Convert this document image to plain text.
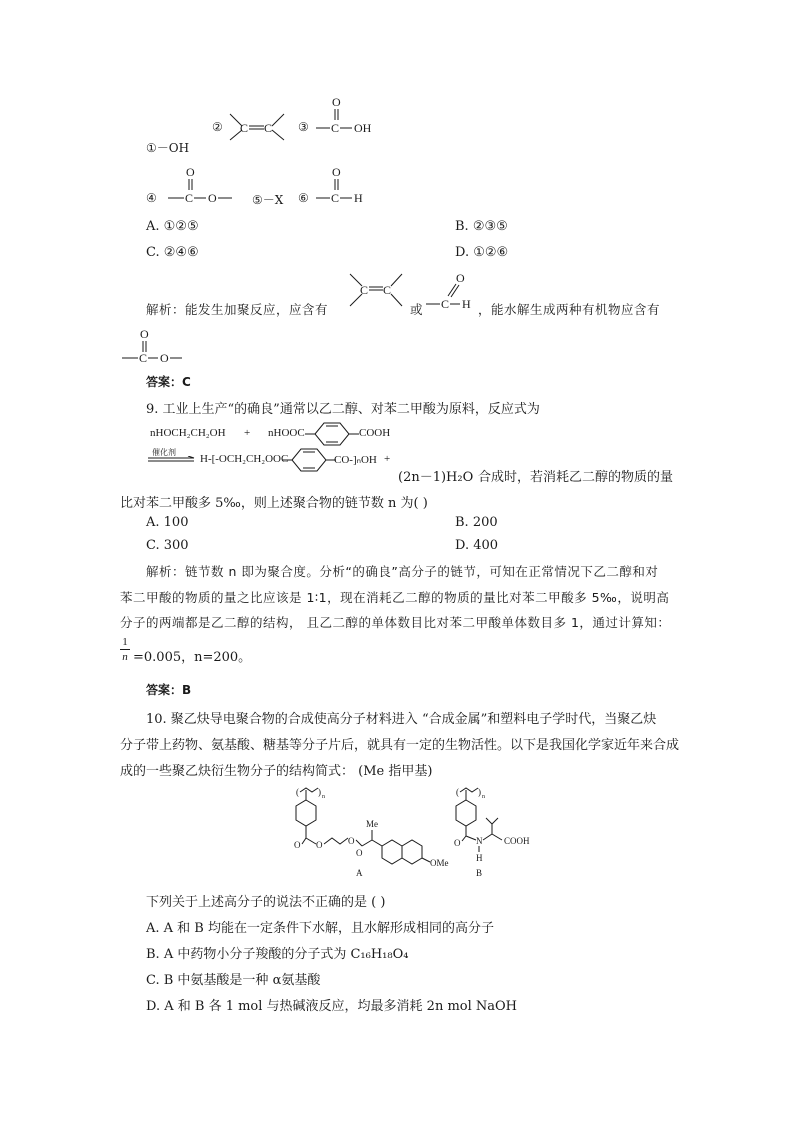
①－OH
② C C ③
O
C OH
④
O
C O	⑤－X ⑥
O
C H
A. ①②⑤	B. ②③⑤
C. ②④⑥	D. ①②⑥
解析：能发生加聚反应，应含有
C C
或
O
C H ，能水解生成两种有机物应含有
O
C O
答案：C
9. 工业上生产“的确良”通常以乙二醇、对苯二甲酸为原料，反应式为
nHOCH₂CH₂OH + nHOOC	COOH
催化剂
H-[-OCH₂CH₂OOC	CO-]ₙOH +
(2n－1)H₂O 合成时，若消耗乙二醇的物质的量
比对苯二甲酸多 5‰，则上述聚合物的链节数 n 为( )
A. 100	B. 200
C. 300	D. 400
解析：链节数 n 即为聚合度。分析“的确良”高分子的链节，可知在正常情况下乙二醇和对
苯二甲酸的物质的量之比应该是 1∶1，现在消耗乙二醇的物质的量比对苯二甲酸多 5‰，说明高
分子的两端都是乙二醇的结构， 且乙二醇的单体数目比对苯二甲酸单体数目多 1，通过计算知：
1
n =0.005，n=200。
答案：B
10. 聚乙炔导电聚合物的合成使高分子材料进入 “合成金属”和塑料电子学时代，当聚乙炔
分子带上药物、氨基酸、糖基等分子片后，就具有一定的生物活性。以下是我国化学家近年来合成
成的一些聚乙炔衍生物分子的结构简式： (Me 指甲基)
( ) n
O O	O
O
Me
OMe
A
( ) n
O N
H
COOH
B
下列关于上述高分子的说法不正确的是 ( )
A. A 和 B 均能在一定条件下水解，且水解形成相同的高分子
B. A 中药物小分子羧酸的分子式为 C₁₆H₁₈O₄
C. B 中氨基酸是一种 α氨基酸
D. A 和 B 各 1 mol 与热碱液反应，均最多消耗 2n mol NaOH
